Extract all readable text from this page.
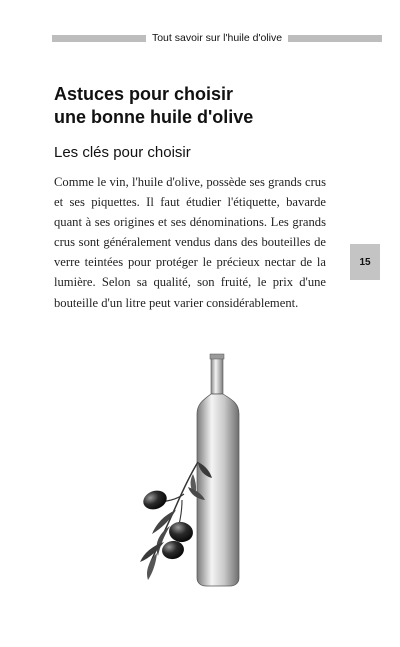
Tout savoir sur l'huile d'olive
Astuces pour choisir
une bonne huile d'olive
Les clés pour choisir

Comme le vin, l'huile d'olive, possède ses grands crus et ses piquettes. Il faut étudier l'étiquette, bavarde quant à ses origines et ses dénominations. Les grands crus sont généralement vendus dans des bouteilles de verre teintées pour protéger le précieux nectar de la lumière. Selon sa qualité, son fruité, le prix d'une bouteille d'un litre peut varier considérablement.

15
